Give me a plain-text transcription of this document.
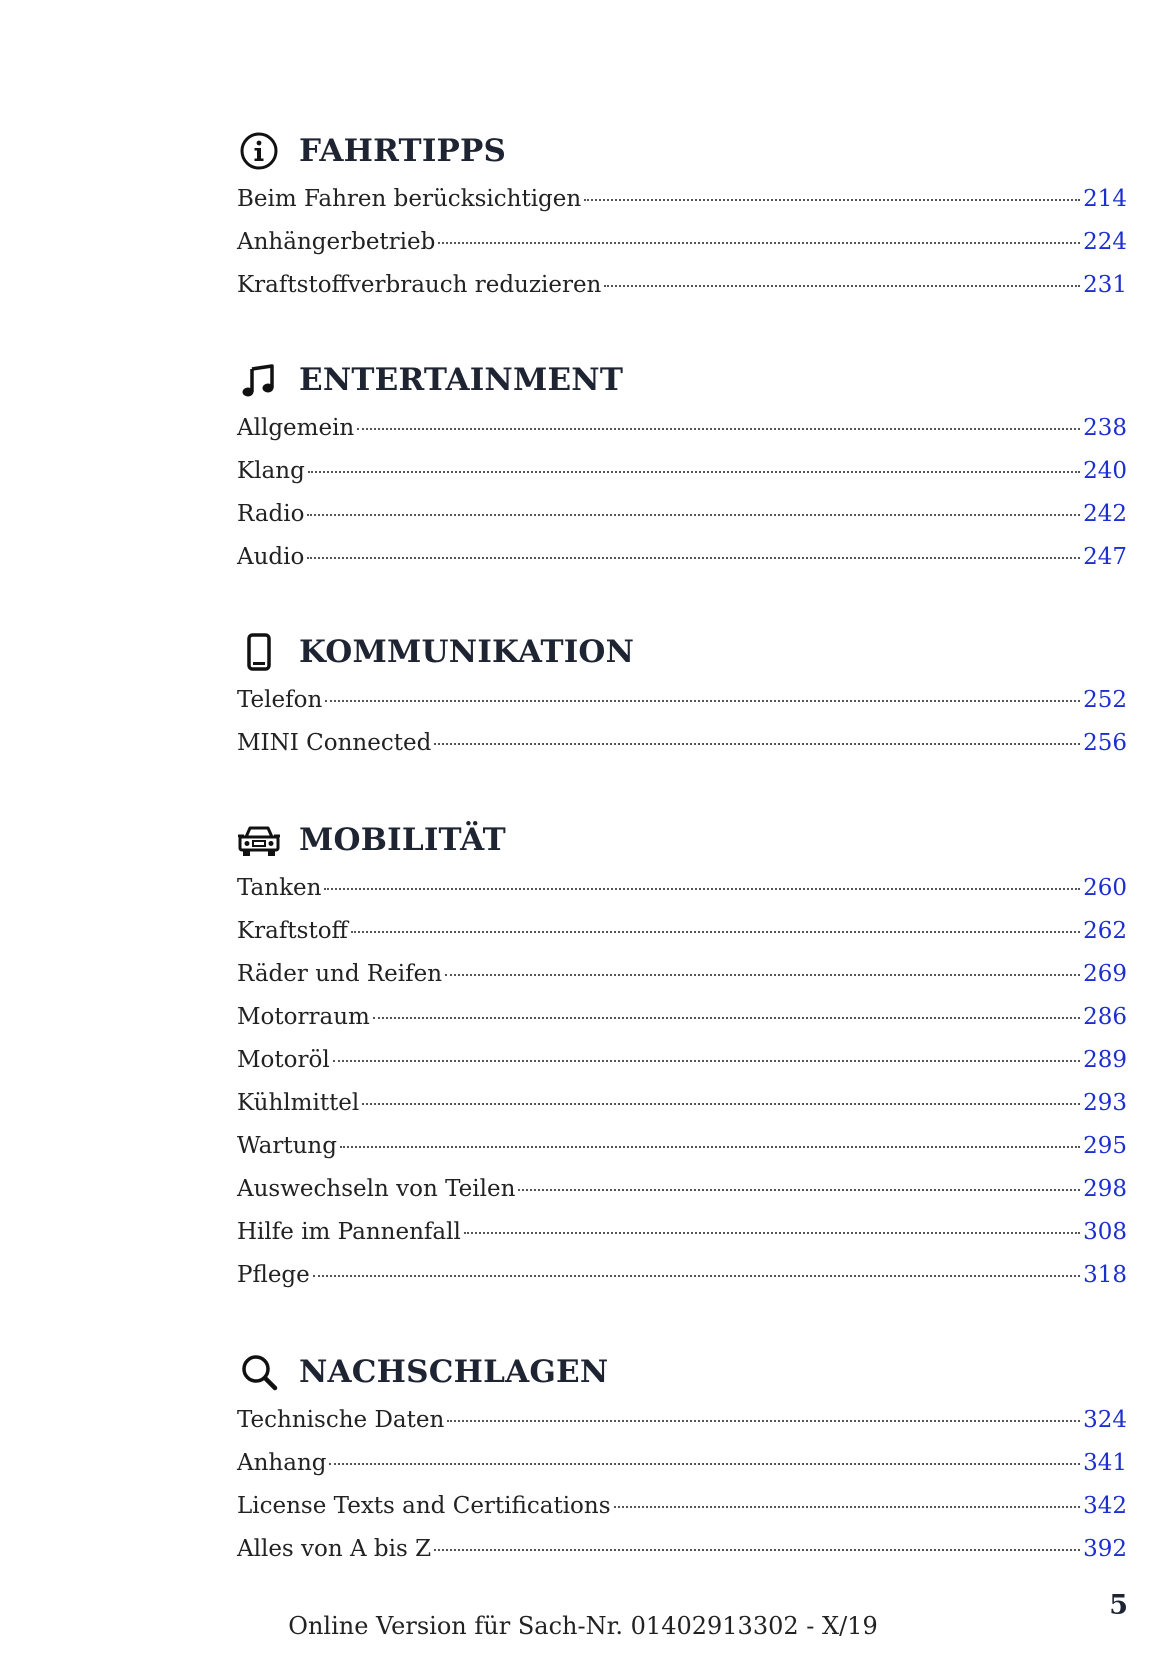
FAHRTIPPS
Beim Fahren berücksichtigen	214
Anhängerbetrieb	224
Kraftstoffverbrauch reduzieren	231
ENTERTAINMENT
Allgemein	238
Klang	240
Radio	242
Audio	247
KOMMUNIKATION
Telefon	252
MINI Connected	256
MOBILITÄT
Tanken	260
Kraftstoff	262
Räder und Reifen	269
Motorraum	286
Motoröl	289
Kühlmittel	293
Wartung	295
Auswechseln von Teilen	298
Hilfe im Pannenfall	308
Pflege	318
NACHSCHLAGEN
Technische Daten	324
Anhang	341
License Texts and Certifications	342
Alles von A bis Z	392
Online Version für Sach-Nr. 01402913302 - X/19
5
